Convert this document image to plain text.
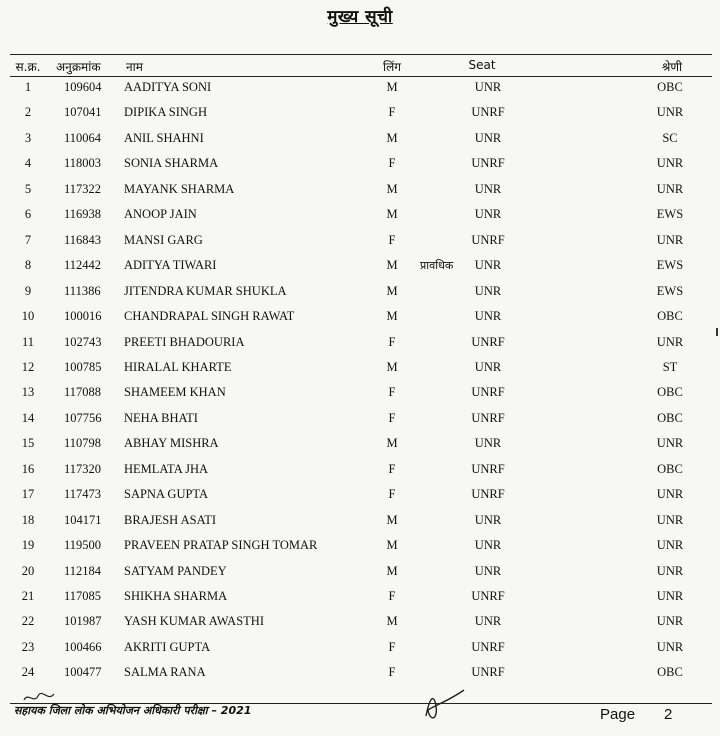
मुख्य सूची
स.क्र.	अनुक्रमांक	नाम	लिंग	Seat	श्रेणी
1	109604	AADITYA SONI	M	UNR	OBC
2	107041	DIPIKA SINGH	F	UNRF	UNR
3	110064	ANIL SHAHNI	M	UNR	SC
4	118003	SONIA SHARMA	F	UNRF	UNR
5	117322	MAYANK SHARMA	M	UNR	UNR
6	116938	ANOOP JAIN	M	UNR	EWS
7	116843	MANSI GARG	F	UNRF	UNR
8	112442	ADITYA TIWARI	M	प्रावधिक	UNR	EWS
9	111386	JITENDRA KUMAR SHUKLA	M	UNR	EWS
10	100016	CHANDRAPAL SINGH RAWAT	M	UNR	OBC
11	102743	PREETI BHADOURIA	F	UNRF	UNR
12	100785	HIRALAL KHARTE	M	UNR	ST
13	117088	SHAMEEM KHAN	F	UNRF	OBC
14	107756	NEHA BHATI	F	UNRF	OBC
15	110798	ABHAY MISHRA	M	UNR	UNR
16	117320	HEMLATA JHA	F	UNRF	OBC
17	117473	SAPNA GUPTA	F	UNRF	UNR
18	104171	BRAJESH ASATI	M	UNR	UNR
19	119500	PRAVEEN PRATAP SINGH TOMAR	M	UNR	UNR
20	112184	SATYAM PANDEY	M	UNR	UNR
21	117085	SHIKHA SHARMA	F	UNRF	UNR
22	101987	YASH KUMAR AWASTHI	M	UNR	UNR
23	100466	AKRITI GUPTA	F	UNRF	UNR
24	100477	SALMA RANA	F	UNRF	OBC
सहायक जिला लोक अभियोजन अधिकारी परीक्षा – 2021	Page 2
